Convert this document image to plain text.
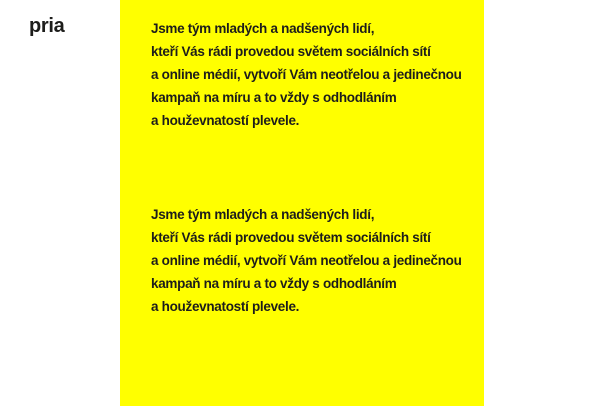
pria	Jsme tým mladých a nadšených lidí,
kteří Vás rádi provedou světem sociálních sítí
a online médií, vytvoří Vám neotřelou a jedinečnou
kampaň na míru a to vždy s odhodláním
a houževnatostí plevele.
Jsme tým mladých a nadšených lidí,
kteří Vás rádi provedou světem sociálních sítí
a online médií, vytvoří Vám neotřelou a jedinečnou
kampaň na míru a to vždy s odhodláním
a houževnatostí plevele.
